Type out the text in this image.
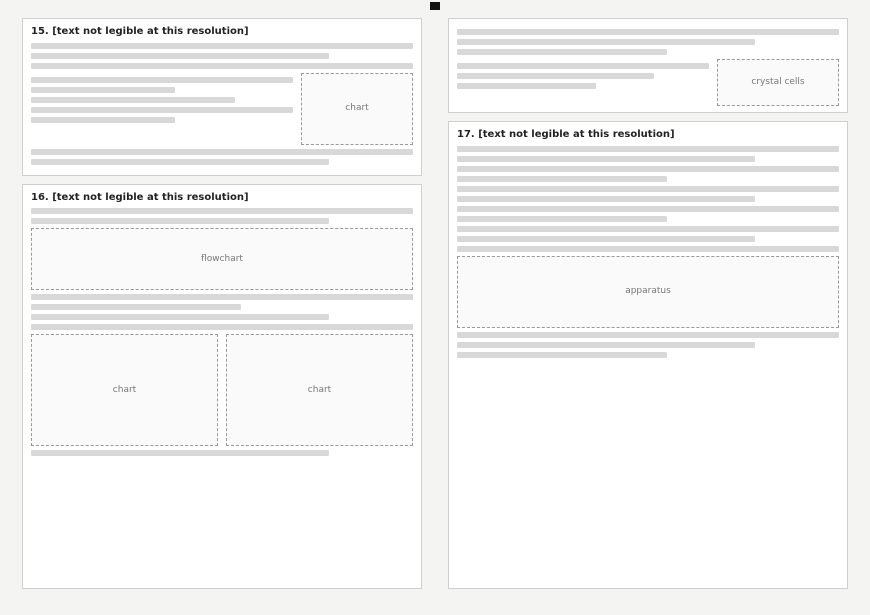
15. [text not legible at this resolution]
chart
16. [text not legible at this resolution]
flowchart
chart	chart
crystal cells
17. [text not legible at this resolution]
apparatus
